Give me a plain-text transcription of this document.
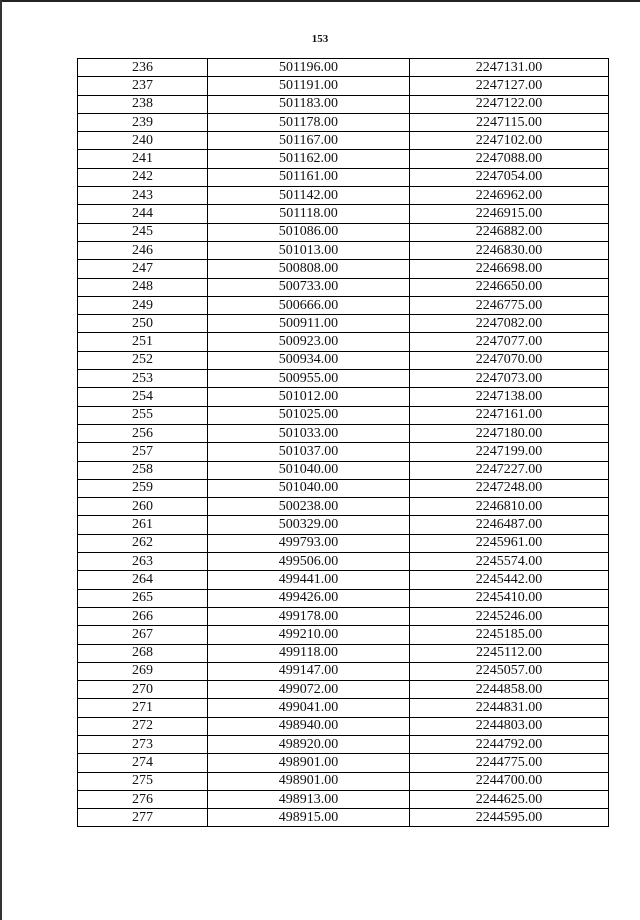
153
236	501196.00	2247131.00
237	501191.00	2247127.00
238	501183.00	2247122.00
239	501178.00	2247115.00
240	501167.00	2247102.00
241	501162.00	2247088.00
242	501161.00	2247054.00
243	501142.00	2246962.00
244	501118.00	2246915.00
245	501086.00	2246882.00
246	501013.00	2246830.00
247	500808.00	2246698.00
248	500733.00	2246650.00
249	500666.00	2246775.00
250	500911.00	2247082.00
251	500923.00	2247077.00
252	500934.00	2247070.00
253	500955.00	2247073.00
254	501012.00	2247138.00
255	501025.00	2247161.00
256	501033.00	2247180.00
257	501037.00	2247199.00
258	501040.00	2247227.00
259	501040.00	2247248.00
260	500238.00	2246810.00
261	500329.00	2246487.00
262	499793.00	2245961.00
263	499506.00	2245574.00
264	499441.00	2245442.00
265	499426.00	2245410.00
266	499178.00	2245246.00
267	499210.00	2245185.00
268	499118.00	2245112.00
269	499147.00	2245057.00
270	499072.00	2244858.00
271	499041.00	2244831.00
272	498940.00	2244803.00
273	498920.00	2244792.00
274	498901.00	2244775.00
275	498901.00	2244700.00
276	498913.00	2244625.00
277	498915.00	2244595.00
